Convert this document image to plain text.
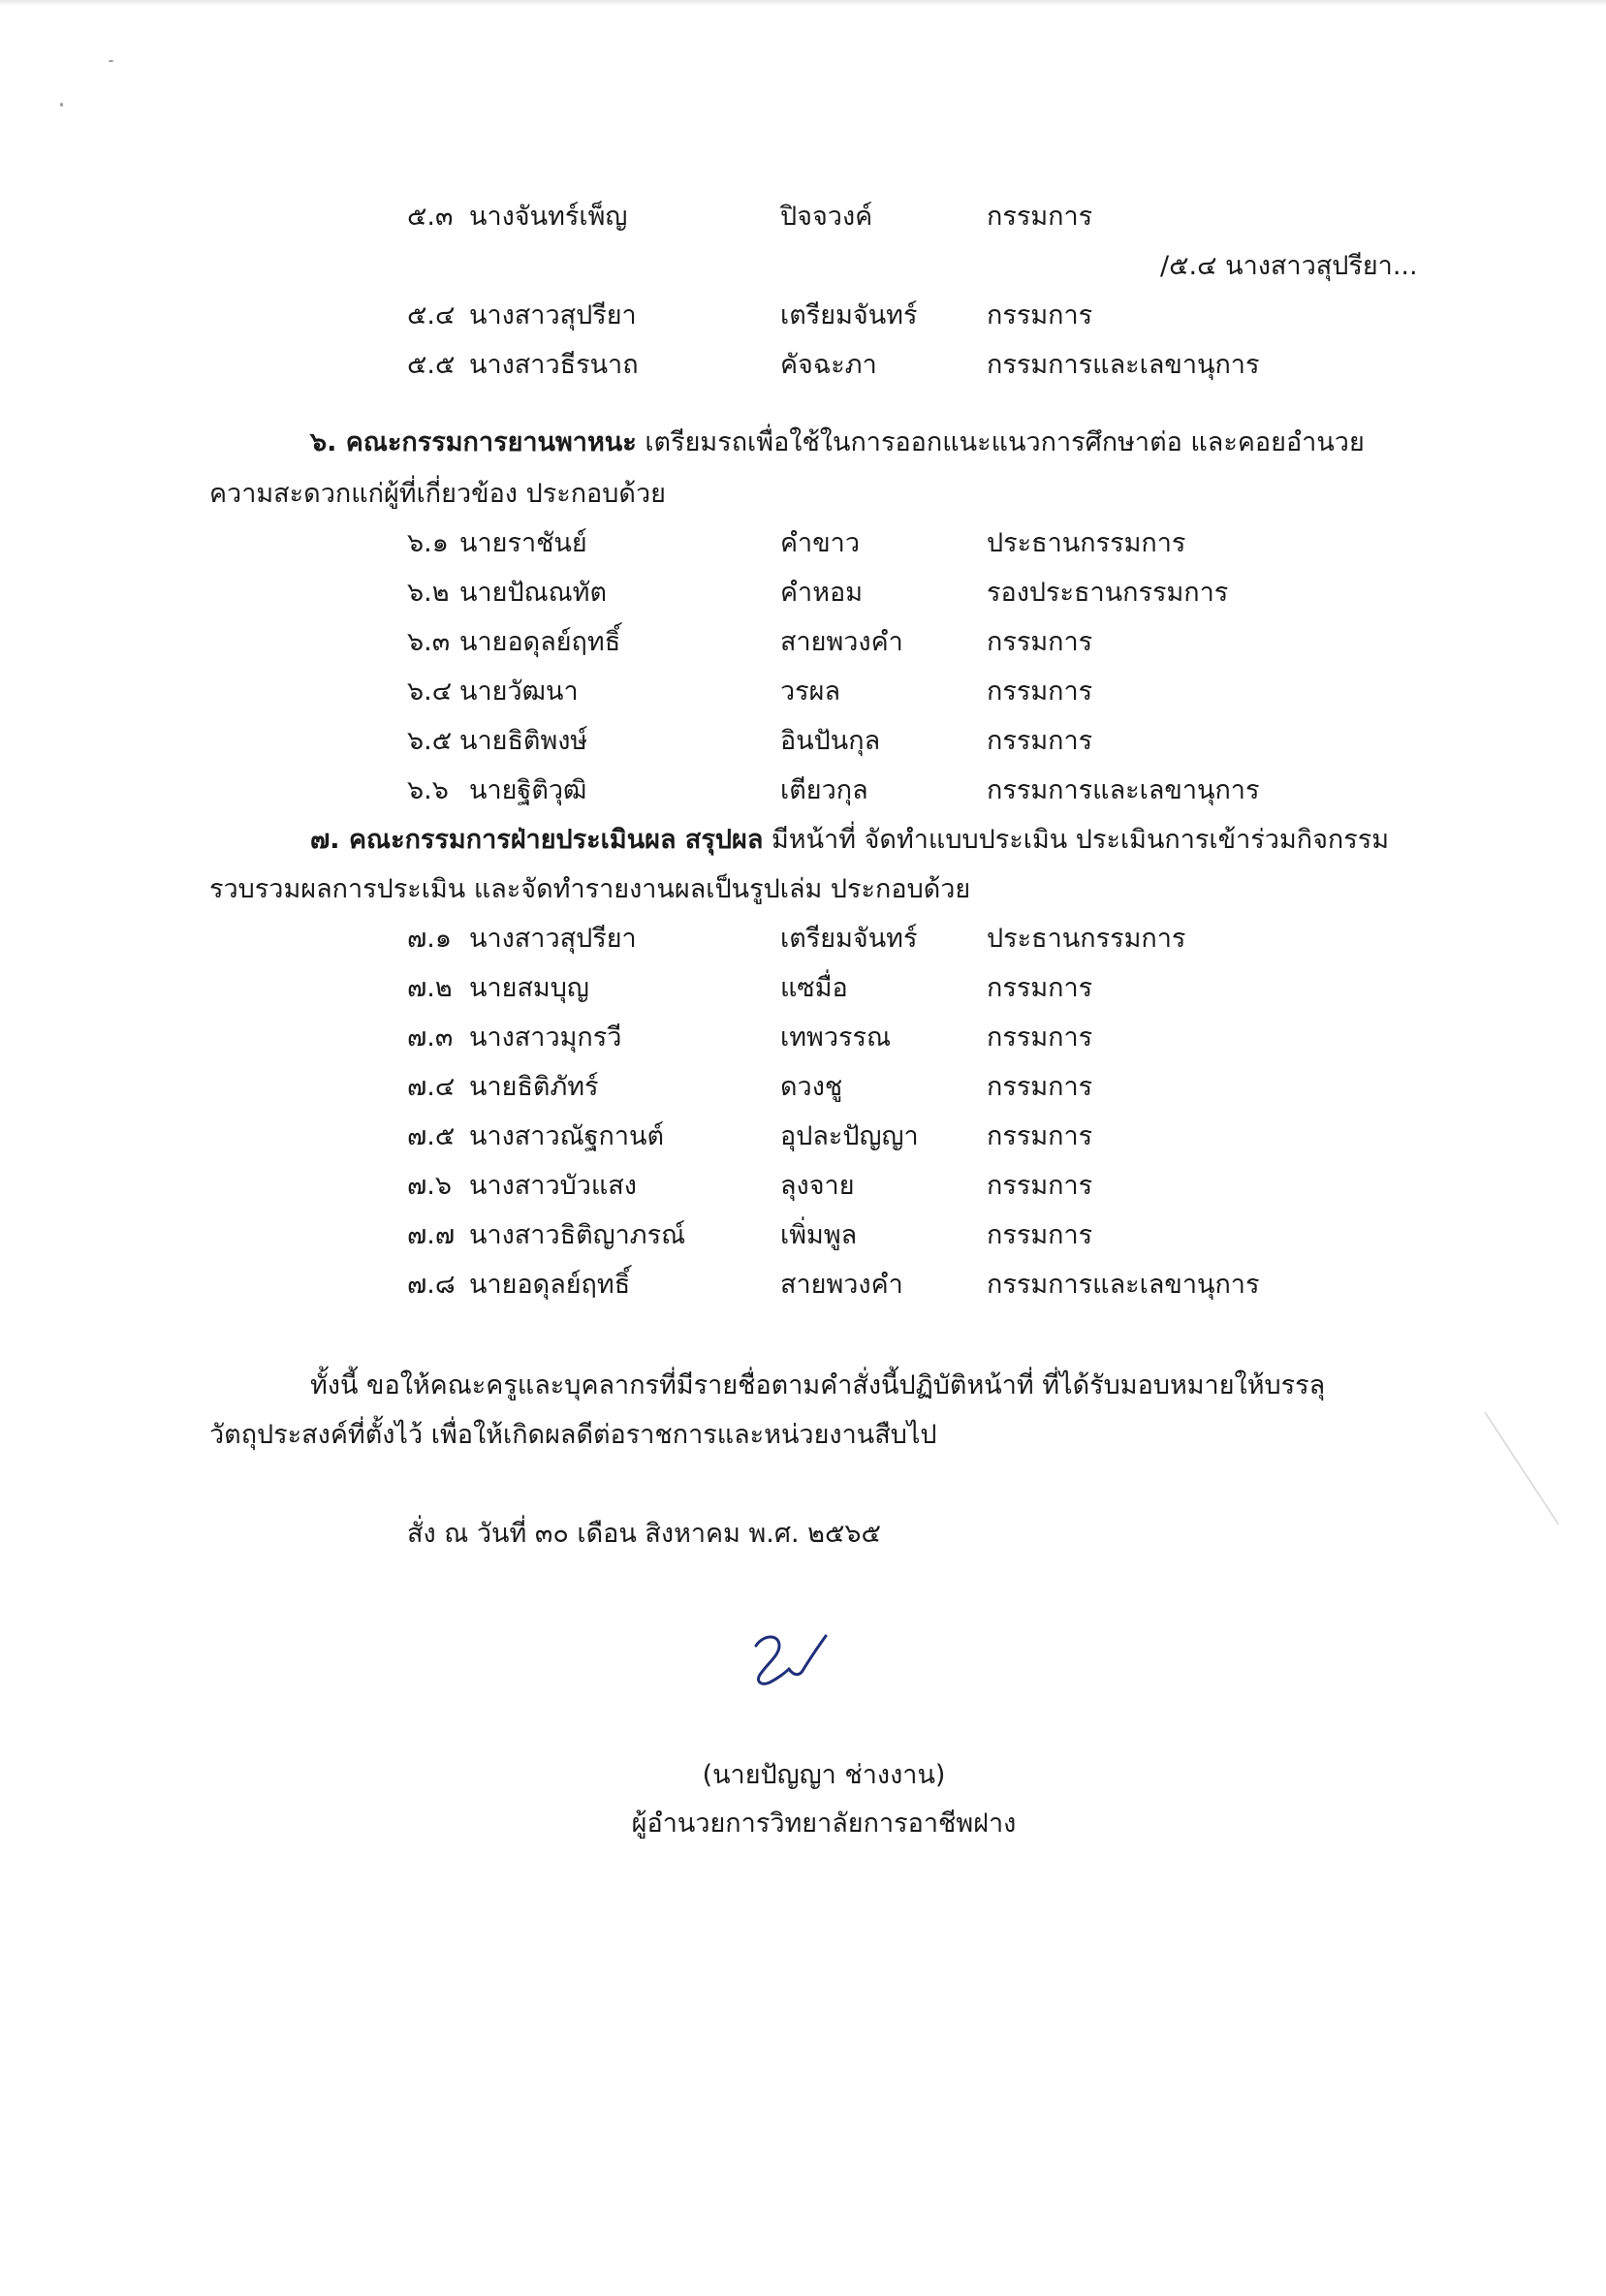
๕.๓ นางจันทร์เพ็ญ	ปิจจวงค์	กรรมการ
/๕.๔ นางสาวสุปรียา...
๕.๔ นางสาวสุปรียา	เตรียมจันทร์	กรรมการ
๕.๕ นางสาวธีรนาถ	คัจฉะภา	กรรมการและเลขานุการ
๖. คณะกรรมการยานพาหนะ เตรียมรถเพื่อใช้ในการออกแนะแนวการศึกษาต่อ และคอยอำนวย
ความสะดวกแก่ผู้ที่เกี่ยวข้อง ประกอบด้วย
๖.๑ นายราชันย์	คำขาว	ประธานกรรมการ
๖.๒ นายปัณณทัต	คำหอม	รองประธานกรรมการ
๖.๓ นายอดุลย์ฤทธิ์	สายพวงคำ	กรรมการ
๖.๔ นายวัฒนา	วรผล	กรรมการ
๖.๕ นายธิติพงษ์	อินปันกุล	กรรมการ
๖.๖ นายฐิติวุฒิ	เตียวกุล	กรรมการและเลขานุการ
๗. คณะกรรมการฝ่ายประเมินผล สรุปผล มีหน้าที่ จัดทำแบบประเมิน ประเมินการเข้าร่วมกิจกรรม
รวบรวมผลการประเมิน และจัดทำรายงานผลเป็นรูปเล่ม ประกอบด้วย
๗.๑ นางสาวสุปรียา	เตรียมจันทร์	ประธานกรรมการ
๗.๒ นายสมบุญ	แซมื่อ	กรรมการ
๗.๓ นางสาวมุกรวี	เทพวรรณ	กรรมการ
๗.๔ นายธิติภัทร์	ดวงชู	กรรมการ
๗.๕ นางสาวณัฐกานต์	อุปละปัญญา	กรรมการ
๗.๖ นางสาวบัวแสง	ลุงจาย	กรรมการ
๗.๗ นางสาวธิติญาภรณ์	เพิ่มพูล	กรรมการ
๗.๘ นายอดุลย์ฤทธิ์	สายพวงคำ	กรรมการและเลขานุการ
ทั้งนี้ ขอให้คณะครูและบุคลากรที่มีรายชื่อตามคำสั่งนี้ปฏิบัติหน้าที่ ที่ได้รับมอบหมายให้บรรลุ
วัตถุประสงค์ที่ตั้งไว้ เพื่อให้เกิดผลดีต่อราชการและหน่วยงานสืบไป
สั่ง ณ วันที่ ๓๐ เดือน สิงหาคม พ.ศ. ๒๕๖๕
(นายปัญญา ช่างงาน)
ผู้อำนวยการวิทยาลัยการอาชีพฝาง
